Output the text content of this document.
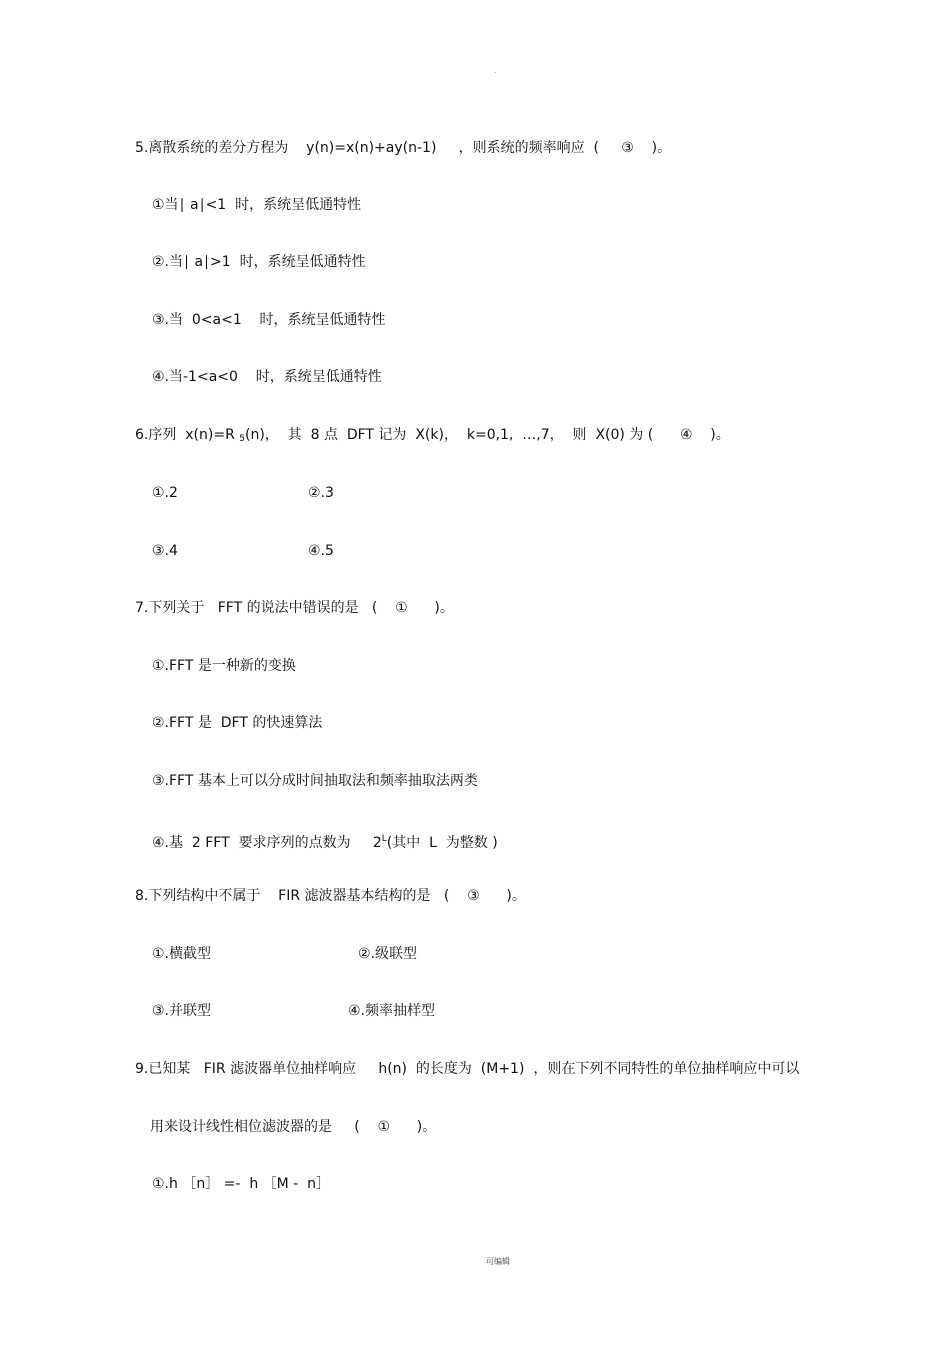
.
5.离散系统的差分方程为    y(n)=x(n)+ay(n-1)     ，则系统的频率响应  (     ③    )。
①当∣ a∣<1  时，系统呈低通特性
②.当∣ a∣>1  时，系统呈低通特性
③.当  0<a<1    时，系统呈低通特性
④.当-1<a<0    时，系统呈低通特性
6.序列  x(n)=R $_5$(n)，  其  8 点  DFT 记为  X(k)，  k=0,1,  …,7，  则  X(0) 为 (      ④    )。
①.2	②.3
③.4	④.5
7.下列关于   FFT 的说法中错误的是   (    ①      )。
①.FFT 是一种新的变换
②.FFT 是  DFT 的快速算法
③.FFT 基本上可以分成时间抽取法和频率抽取法两类
④.基  2 FFT  要求序列的点数为     $2^L$(其中  L  为整数 )
8.下列结构中不属于    FIR 滤波器基本结构的是   (    ③      )。
①.横截型	②.级联型
③.并联型	④.频率抽样型
9.已知某   FIR 滤波器单位抽样响应     h(n)  的长度为  (M+1)  ，则在下列不同特性的单位抽样响应中可以
用来设计线性相位滤波器的是     (    ①      )。
①.h ［n］ =-  h ［M -  n］
可编辑
